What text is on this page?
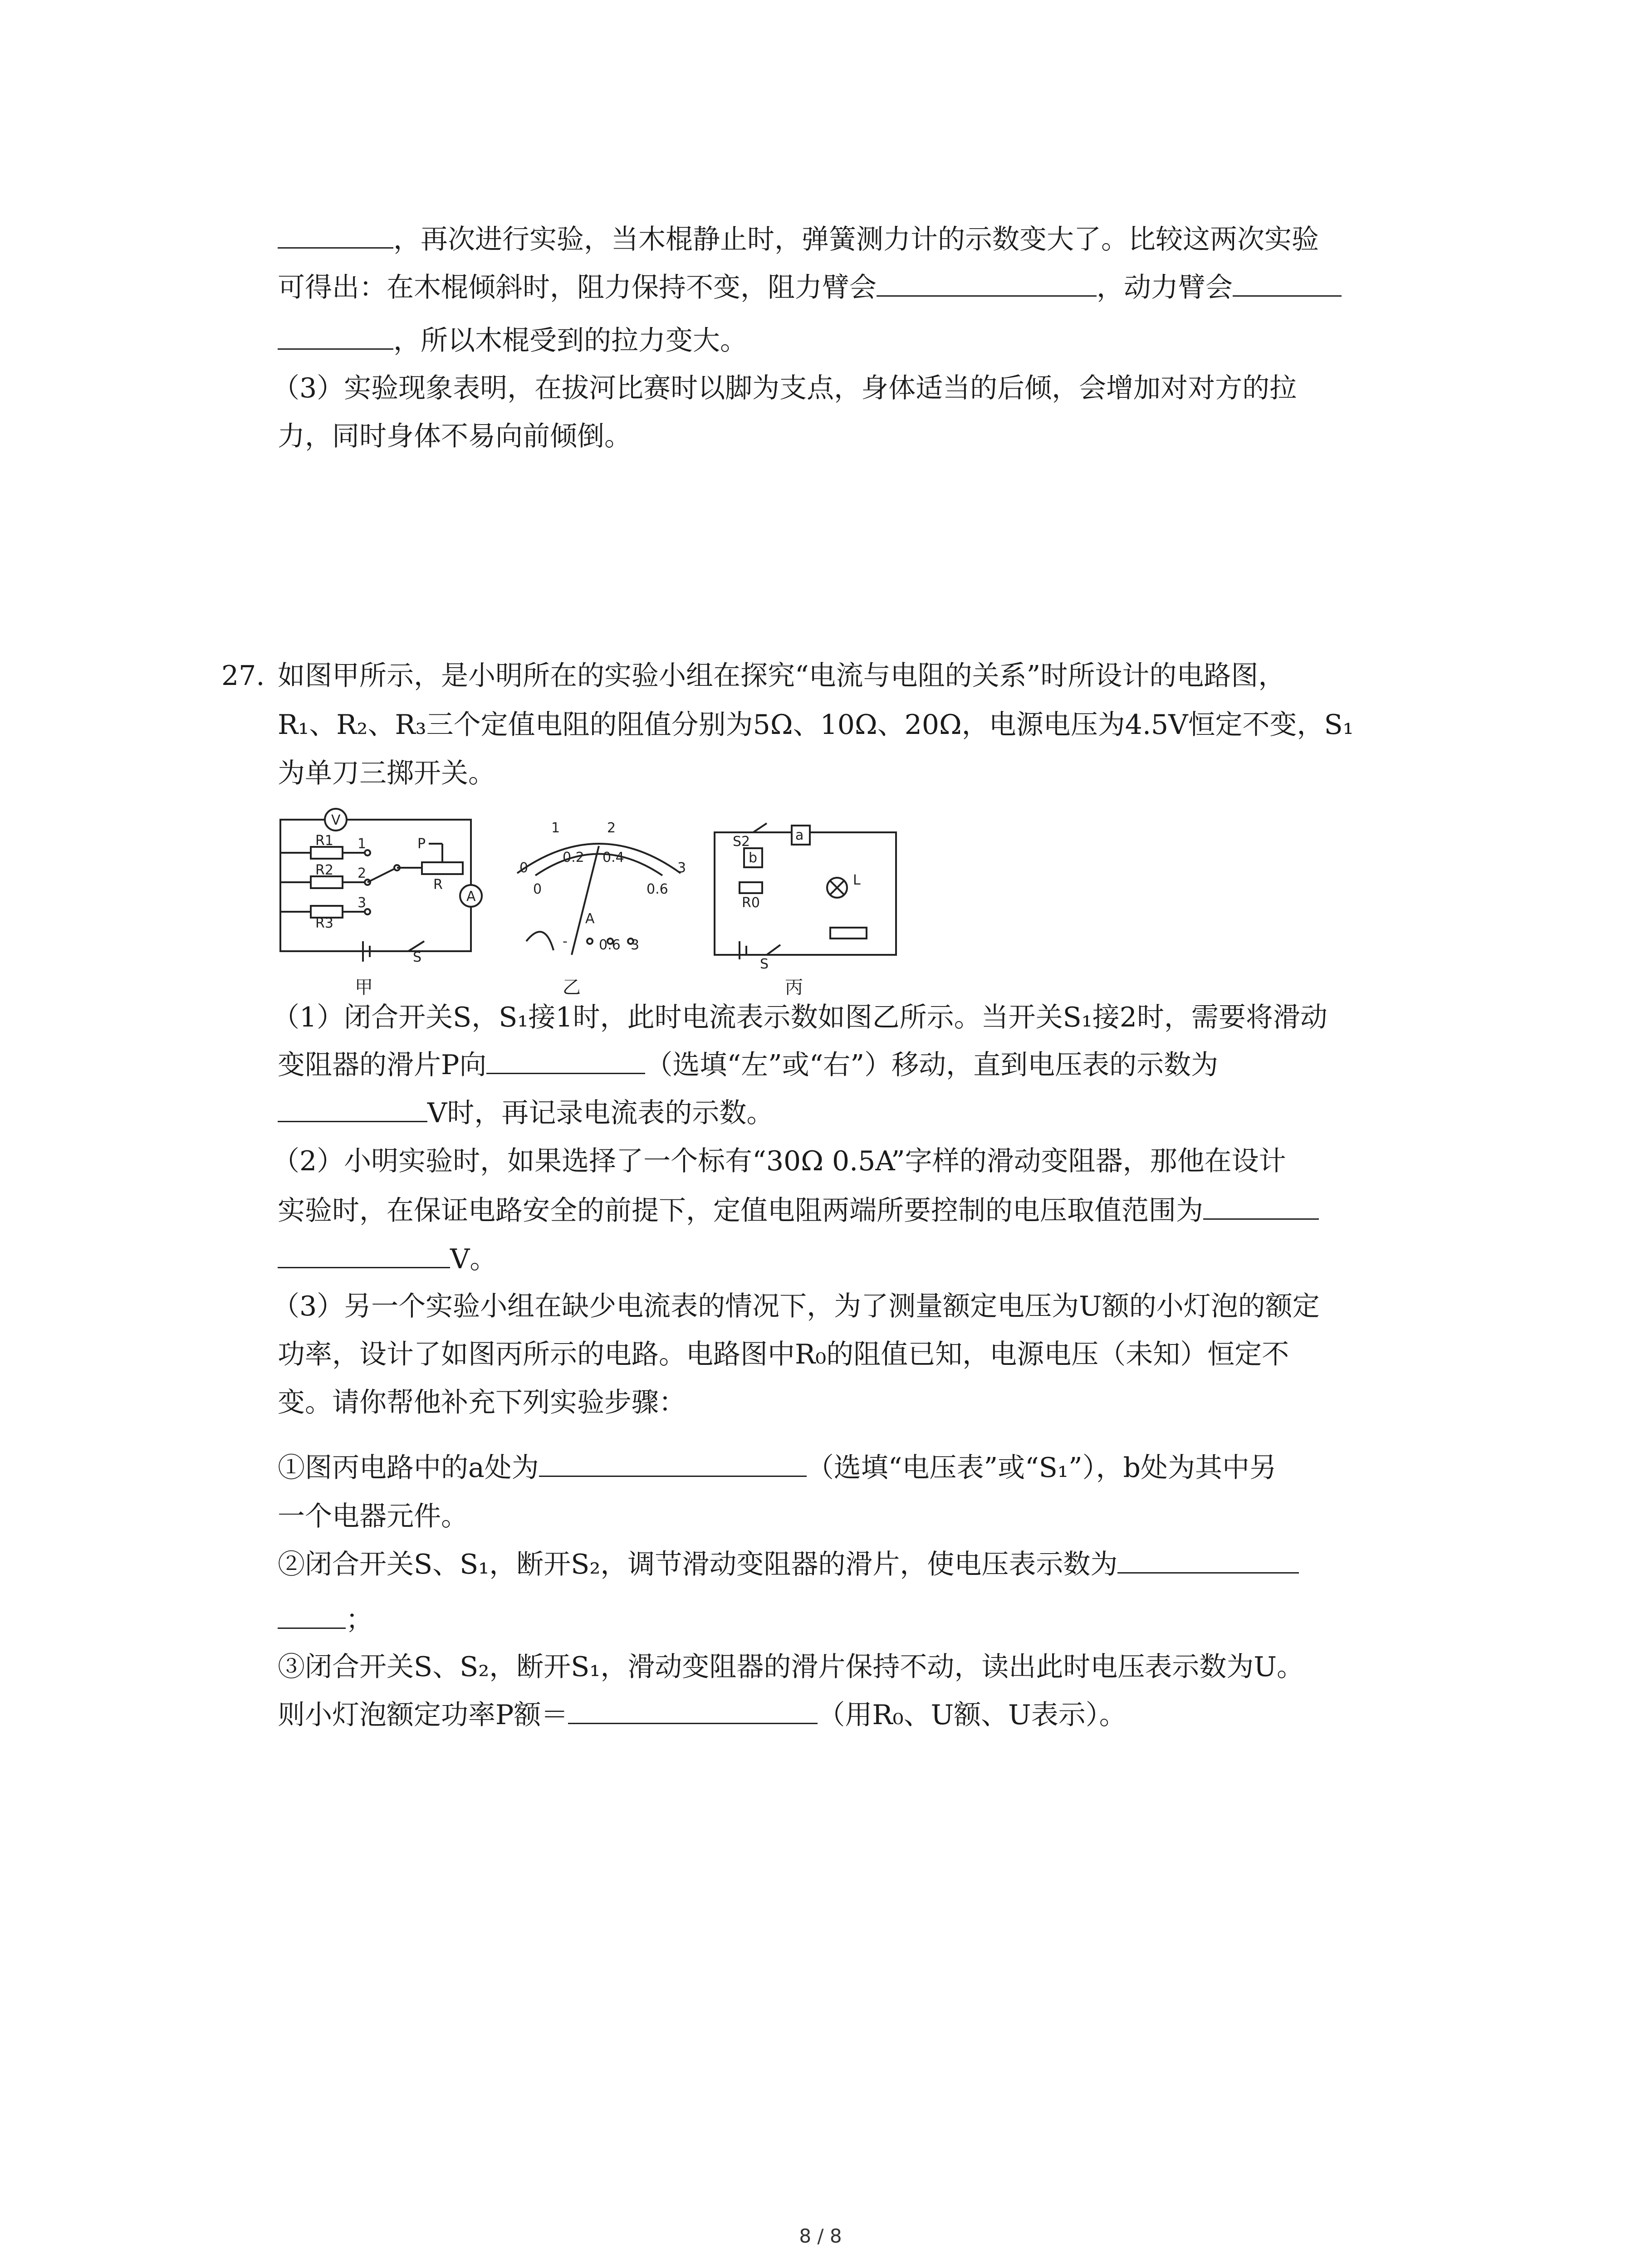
，再次进行实验，当木棍静止时，弹簧测力计的示数变大了。比较这两次实验
可得出：在木棍倾斜时，阻力保持不变，阻力臂会	，动力臂会
，所以木棍受到的拉力变大。
（3）实验现象表明，在拔河比赛时以脚为支点，身体适当的后倾，会增加对对方的拉
力，同时身体不易向前倾倒。
27. 如图甲所示，是小明所在的实验小组在探究“电流与电阻的关系”时所设计的电路图，
R₁、R₂、R₃三个定值电阻的阻值分别为5Ω、10Ω、20Ω，电源电压为4.5V恒定不变，S₁
为单刀三掷开关。
V
A
R1
R2
R3
1
2
3
R
P
S
0
1	2
3
0
0.2 0.4
0.6
A
- 0.6 3
a
b
S2
R0
L
S
甲	乙	丙
（1）闭合开关S，S₁接1时，此时电流表示数如图乙所示。当开关S₁接2时，需要将滑动
变阻器的滑片P向	（选填“左”或“右”）移动，直到电压表的示数为
V时，再记录电流表的示数。
（2）小明实验时，如果选择了一个标有“30Ω 0.5A”字样的滑动变阻器，那他在设计
实验时，在保证电路安全的前提下，定值电阻两端所要控制的电压取值范围为
V。
（3）另一个实验小组在缺少电流表的情况下，为了测量额定电压为U额的小灯泡的额定
功率，设计了如图丙所示的电路。电路图中R₀的阻值已知，电源电压（未知）恒定不
变。请你帮他补充下列实验步骤：
①图丙电路中的a处为	（选填“电压表”或“S₁”），b处为其中另
一个电器元件。
②闭合开关S、S₁，断开S₂，调节滑动变阻器的滑片，使电压表示数为
；
③闭合开关S、S₂，断开S₁，滑动变阻器的滑片保持不动，读出此时电压表示数为U。
则小灯泡额定功率P额＝	（用R₀、U额、U表示）。
8 / 8
